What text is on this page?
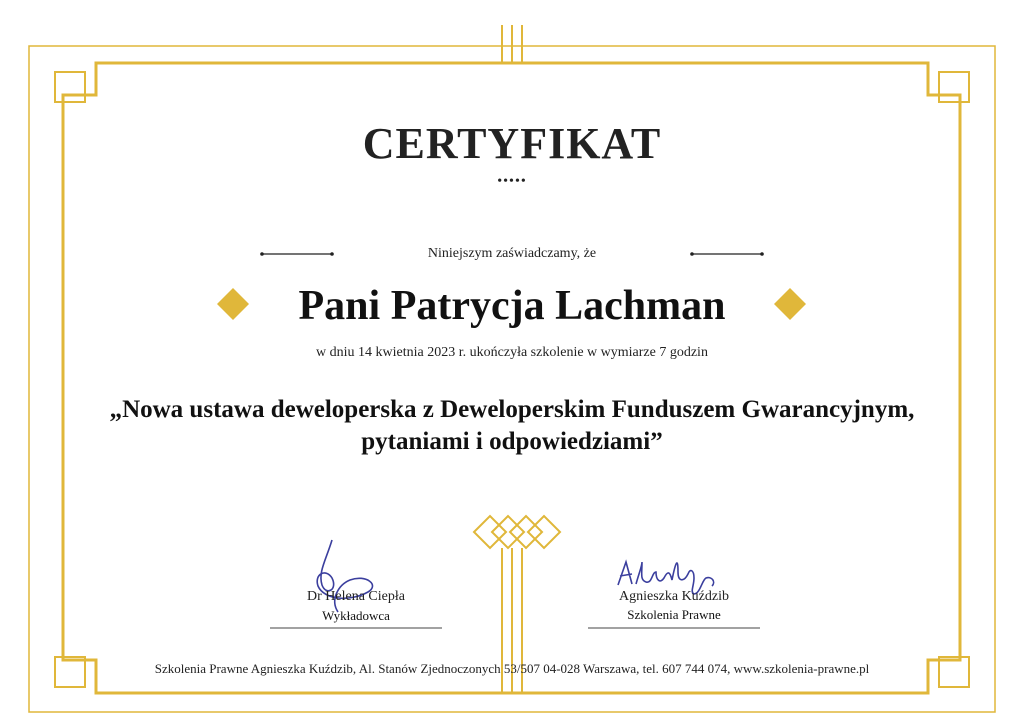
CERTYFIKAT
•••••
Niniejszym zaświadczamy, że
Pani Patrycja Lachman
w dniu 14 kwietnia 2023 r. ukończyła szkolenie w wymiarze 7 godzin
„Nowa ustawa deweloperska z Deweloperskim Funduszem Gwarancyjnym,
pytaniami i odpowiedziami”
Dr Helena Ciepła
Wykładowca
Agnieszka Kuździb
Szkolenia Prawne
Szkolenia Prawne Agnieszka Kuździb, Al. Stanów Zjednoczonych 53/507 04-028 Warszawa, tel. 607 744 074, www.szkolenia-prawne.pl
